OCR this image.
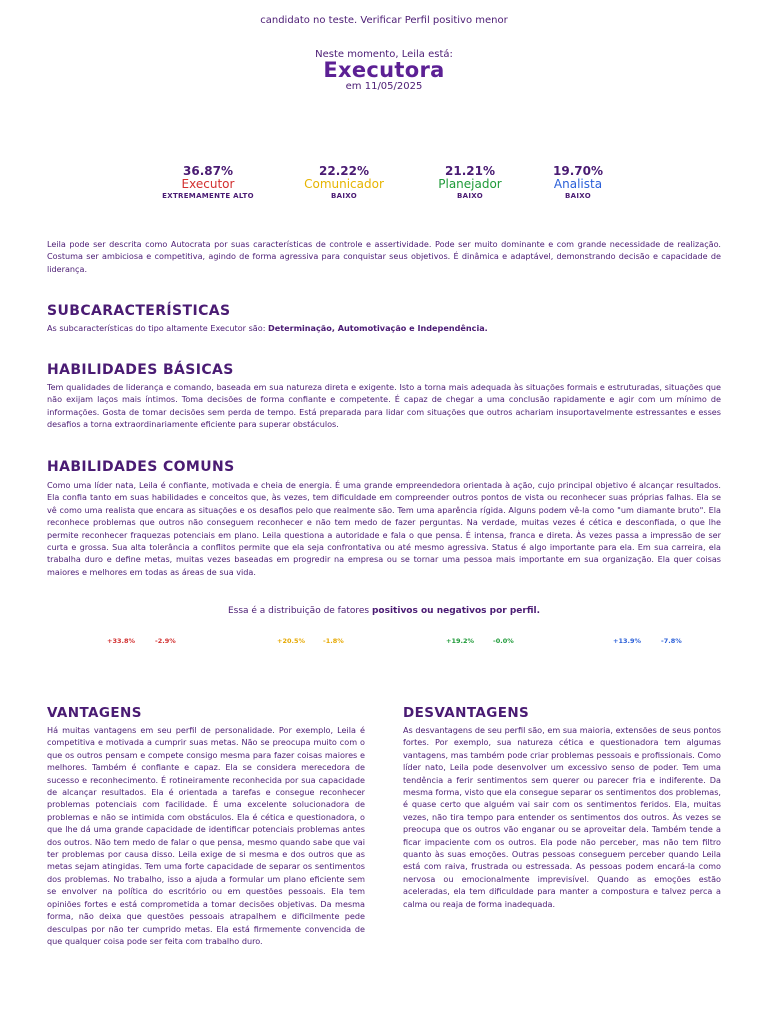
candidato no teste. Verificar Perfil positivo menor
Neste momento, Leila está:
Executora
em 11/05/2025
36.87%
Executor
EXTREMAMENTE ALTO
22.22%
Comunicador
BAIXO
21.21%
Planejador
BAIXO
19.70%
Analista
BAIXO
Leila pode ser descrita como Autocrata por suas características de controle e assertividade. Pode ser muito dominante e com grande necessidade de realização. Costuma ser ambiciosa e competitiva, agindo de forma agressiva para conquistar seus objetivos. É dinâmica e adaptável, demonstrando decisão e capacidade de liderança.
SUBCARACTERÍSTICAS
As subcaracterísticas do tipo altamente Executor são: Determinação, Automotivação e Independência.
HABILIDADES BÁSICAS
Tem qualidades de liderança e comando, baseada em sua natureza direta e exigente. Isto a torna mais adequada às situações formais e estruturadas, situações que não exijam laços mais íntimos. Toma decisões de forma confiante e competente. É capaz de chegar a uma conclusão rapidamente e agir com um mínimo de informações. Gosta de tomar decisões sem perda de tempo. Está preparada para lidar com situações que outros achariam insuportavelmente estressantes e esses desafios a torna extraordinariamente eficiente para superar obstáculos.
HABILIDADES COMUNS
Como uma líder nata, Leila é confiante, motivada e cheia de energia. É uma grande empreendedora orientada à ação, cujo principal objetivo é alcançar resultados. Ela confia tanto em suas habilidades e conceitos que, às vezes, tem dificuldade em compreender outros pontos de vista ou reconhecer suas próprias falhas. Ela se vê como uma realista que encara as situações e os desafios pelo que realmente são. Tem uma aparência rígida. Alguns podem vê-la como "um diamante bruto". Ela reconhece problemas que outros não conseguem reconhecer e não tem medo de fazer perguntas. Na verdade, muitas vezes é cética e desconfiada, o que lhe permite reconhecer fraquezas potenciais em plano. Leila questiona a autoridade e fala o que pensa. É intensa, franca e direta. Às vezes passa a impressão de ser curta e grossa. Sua alta tolerância a conflitos permite que ela seja confrontativa ou até mesmo agressiva. Status é algo importante para ela. Em sua carreira, ela trabalha duro e define metas, muitas vezes baseadas em progredir na empresa ou se tornar uma pessoa mais importante em sua organização. Ela quer coisas maiores e melhores em todas as áreas de sua vida.
Essa é a distribuição de fatores positivos ou negativos por perfil.
+33.8%	-2.9%	+20.5%	-1.8%	+19.2%	-0.0%	+13.9%	-7.8%
VANTAGENS
Há muitas vantagens em seu perfil de personalidade. Por exemplo, Leila é competitiva e motivada a cumprir suas metas. Não se preocupa muito com o que os outros pensam e compete consigo mesma para fazer coisas maiores e melhores. Também é confiante e capaz. Ela se considera merecedora de sucesso e reconhecimento. É rotineiramente reconhecida por sua capacidade de alcançar resultados. Ela é orientada a tarefas e consegue reconhecer problemas potenciais com facilidade. É uma excelente solucionadora de problemas e não se intimida com obstáculos. Ela é cética e questionadora, o que lhe dá uma grande capacidade de identificar potenciais problemas antes dos outros. Não tem medo de falar o que pensa, mesmo quando sabe que vai ter problemas por causa disso. Leila exige de si mesma e dos outros que as metas sejam atingidas. Tem uma forte capacidade de separar os sentimentos dos problemas. No trabalho, isso a ajuda a formular um plano eficiente sem se envolver na política do escritório ou em questões pessoais. Ela tem opiniões fortes e está comprometida a tomar decisões objetivas. Da mesma forma, não deixa que questões pessoais atrapalhem e dificilmente pede desculpas por não ter cumprido metas. Ela está firmemente convencida de que qualquer coisa pode ser feita com trabalho duro.
DESVANTAGENS
As desvantagens de seu perfil são, em sua maioria, extensões de seus pontos fortes. Por exemplo, sua natureza cética e questionadora tem algumas vantagens, mas também pode criar problemas pessoais e profissionais. Como líder nato, Leila pode desenvolver um excessivo senso de poder. Tem uma tendência a ferir sentimentos sem querer ou parecer fria e indiferente. Da mesma forma, visto que ela consegue separar os sentimentos dos problemas, é quase certo que alguém vai sair com os sentimentos feridos. Ela, muitas vezes, não tira tempo para entender os sentimentos dos outros. Às vezes se preocupa que os outros vão enganar ou se aproveitar dela. Também tende a ficar impaciente com os outros. Ela pode não perceber, mas não tem filtro quanto às suas emoções. Outras pessoas conseguem perceber quando Leila está com raiva, frustrada ou estressada. As pessoas podem encará-la como nervosa ou emocionalmente imprevisível. Quando as emoções estão aceleradas, ela tem dificuldade para manter a compostura e talvez perca a calma ou reaja de forma inadequada.
